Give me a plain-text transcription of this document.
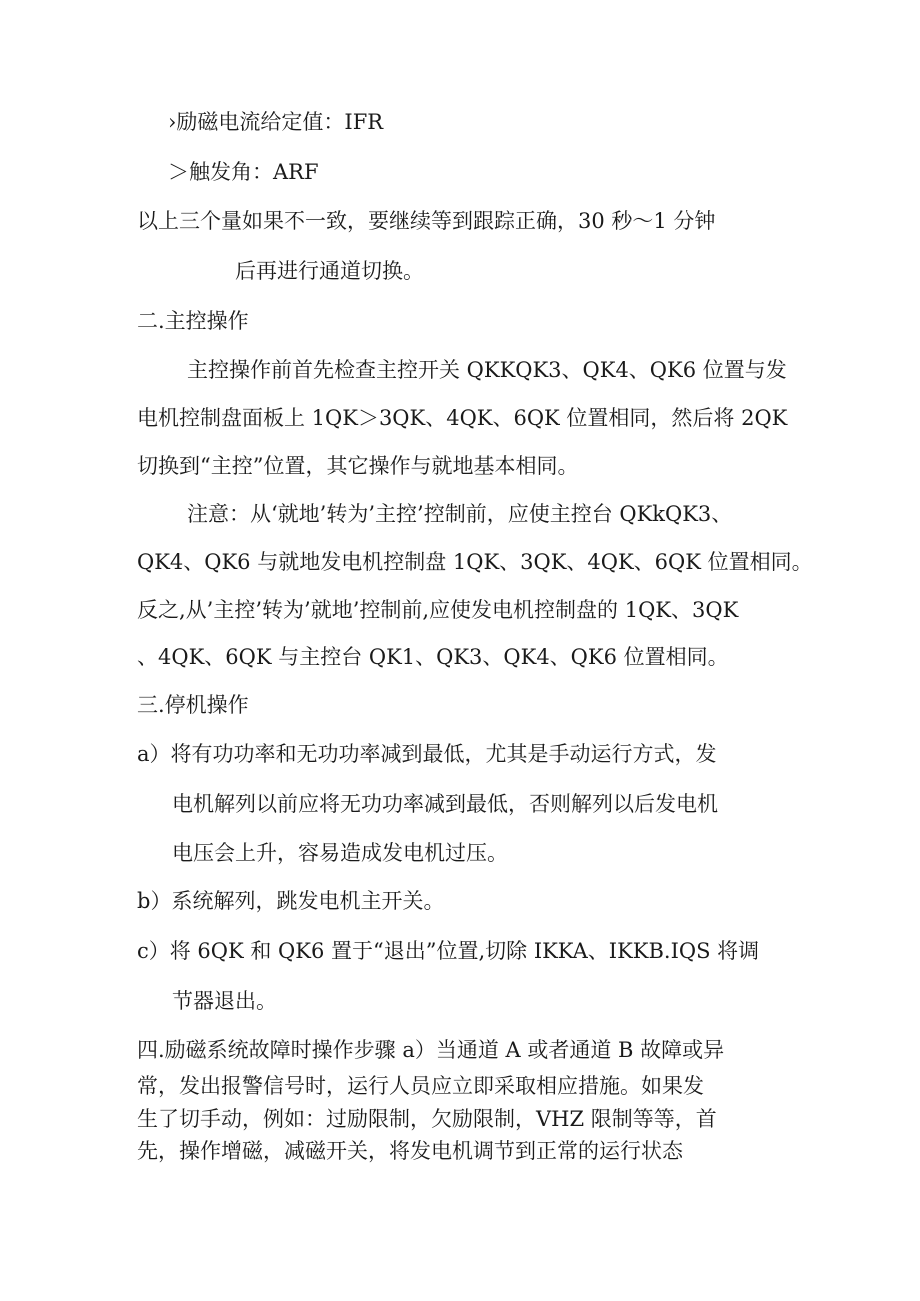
›励磁电流给定值：IFR
＞触发角：ARF
以上三个量如果不一致，要继续等到跟踪正确，30 秒～1 分钟
后再进行通道切换。
二.主控操作
主控操作前首先检查主控开关 QKKQK3、QK4、QK6 位置与发
电机控制盘面板上 1QK＞3QK、4QK、6QK 位置相同，然后将 2QK
切换到“主控”位置，其它操作与就地基本相同。
注意：从‘就地’转为’主控’控制前，应使主控台 QKkQK3、
QK4、QK6 与就地发电机控制盘 1QK、3QK、4QK、6QK 位置相同。
反之,从’主控’转为’就地’控制前,应使发电机控制盘的 1QK、3QK
、4QK、6QK 与主控台 QK1、QK3、QK4、QK6 位置相同。
三.停机操作
a）将有功功率和无功功率减到最低，尤其是手动运行方式，发
电机解列以前应将无功功率减到最低，否则解列以后发电机
电压会上升，容易造成发电机过压。
b）系统解列，跳发电机主开关。
c）将 6QK 和 QK6 置于“退出”位置,切除 IKKA、IKKB.IQS 将调
节器退出。
四.励磁系统故障时操作步骤 a）当通道 A 或者通道 B 故障或异
常，发出报警信号时，运行人员应立即采取相应措施。如果发
生了切手动，例如：过励限制，欠励限制，VHZ 限制等等，首
先，操作增磁，减磁开关，将发电机调节到正常的运行状态
